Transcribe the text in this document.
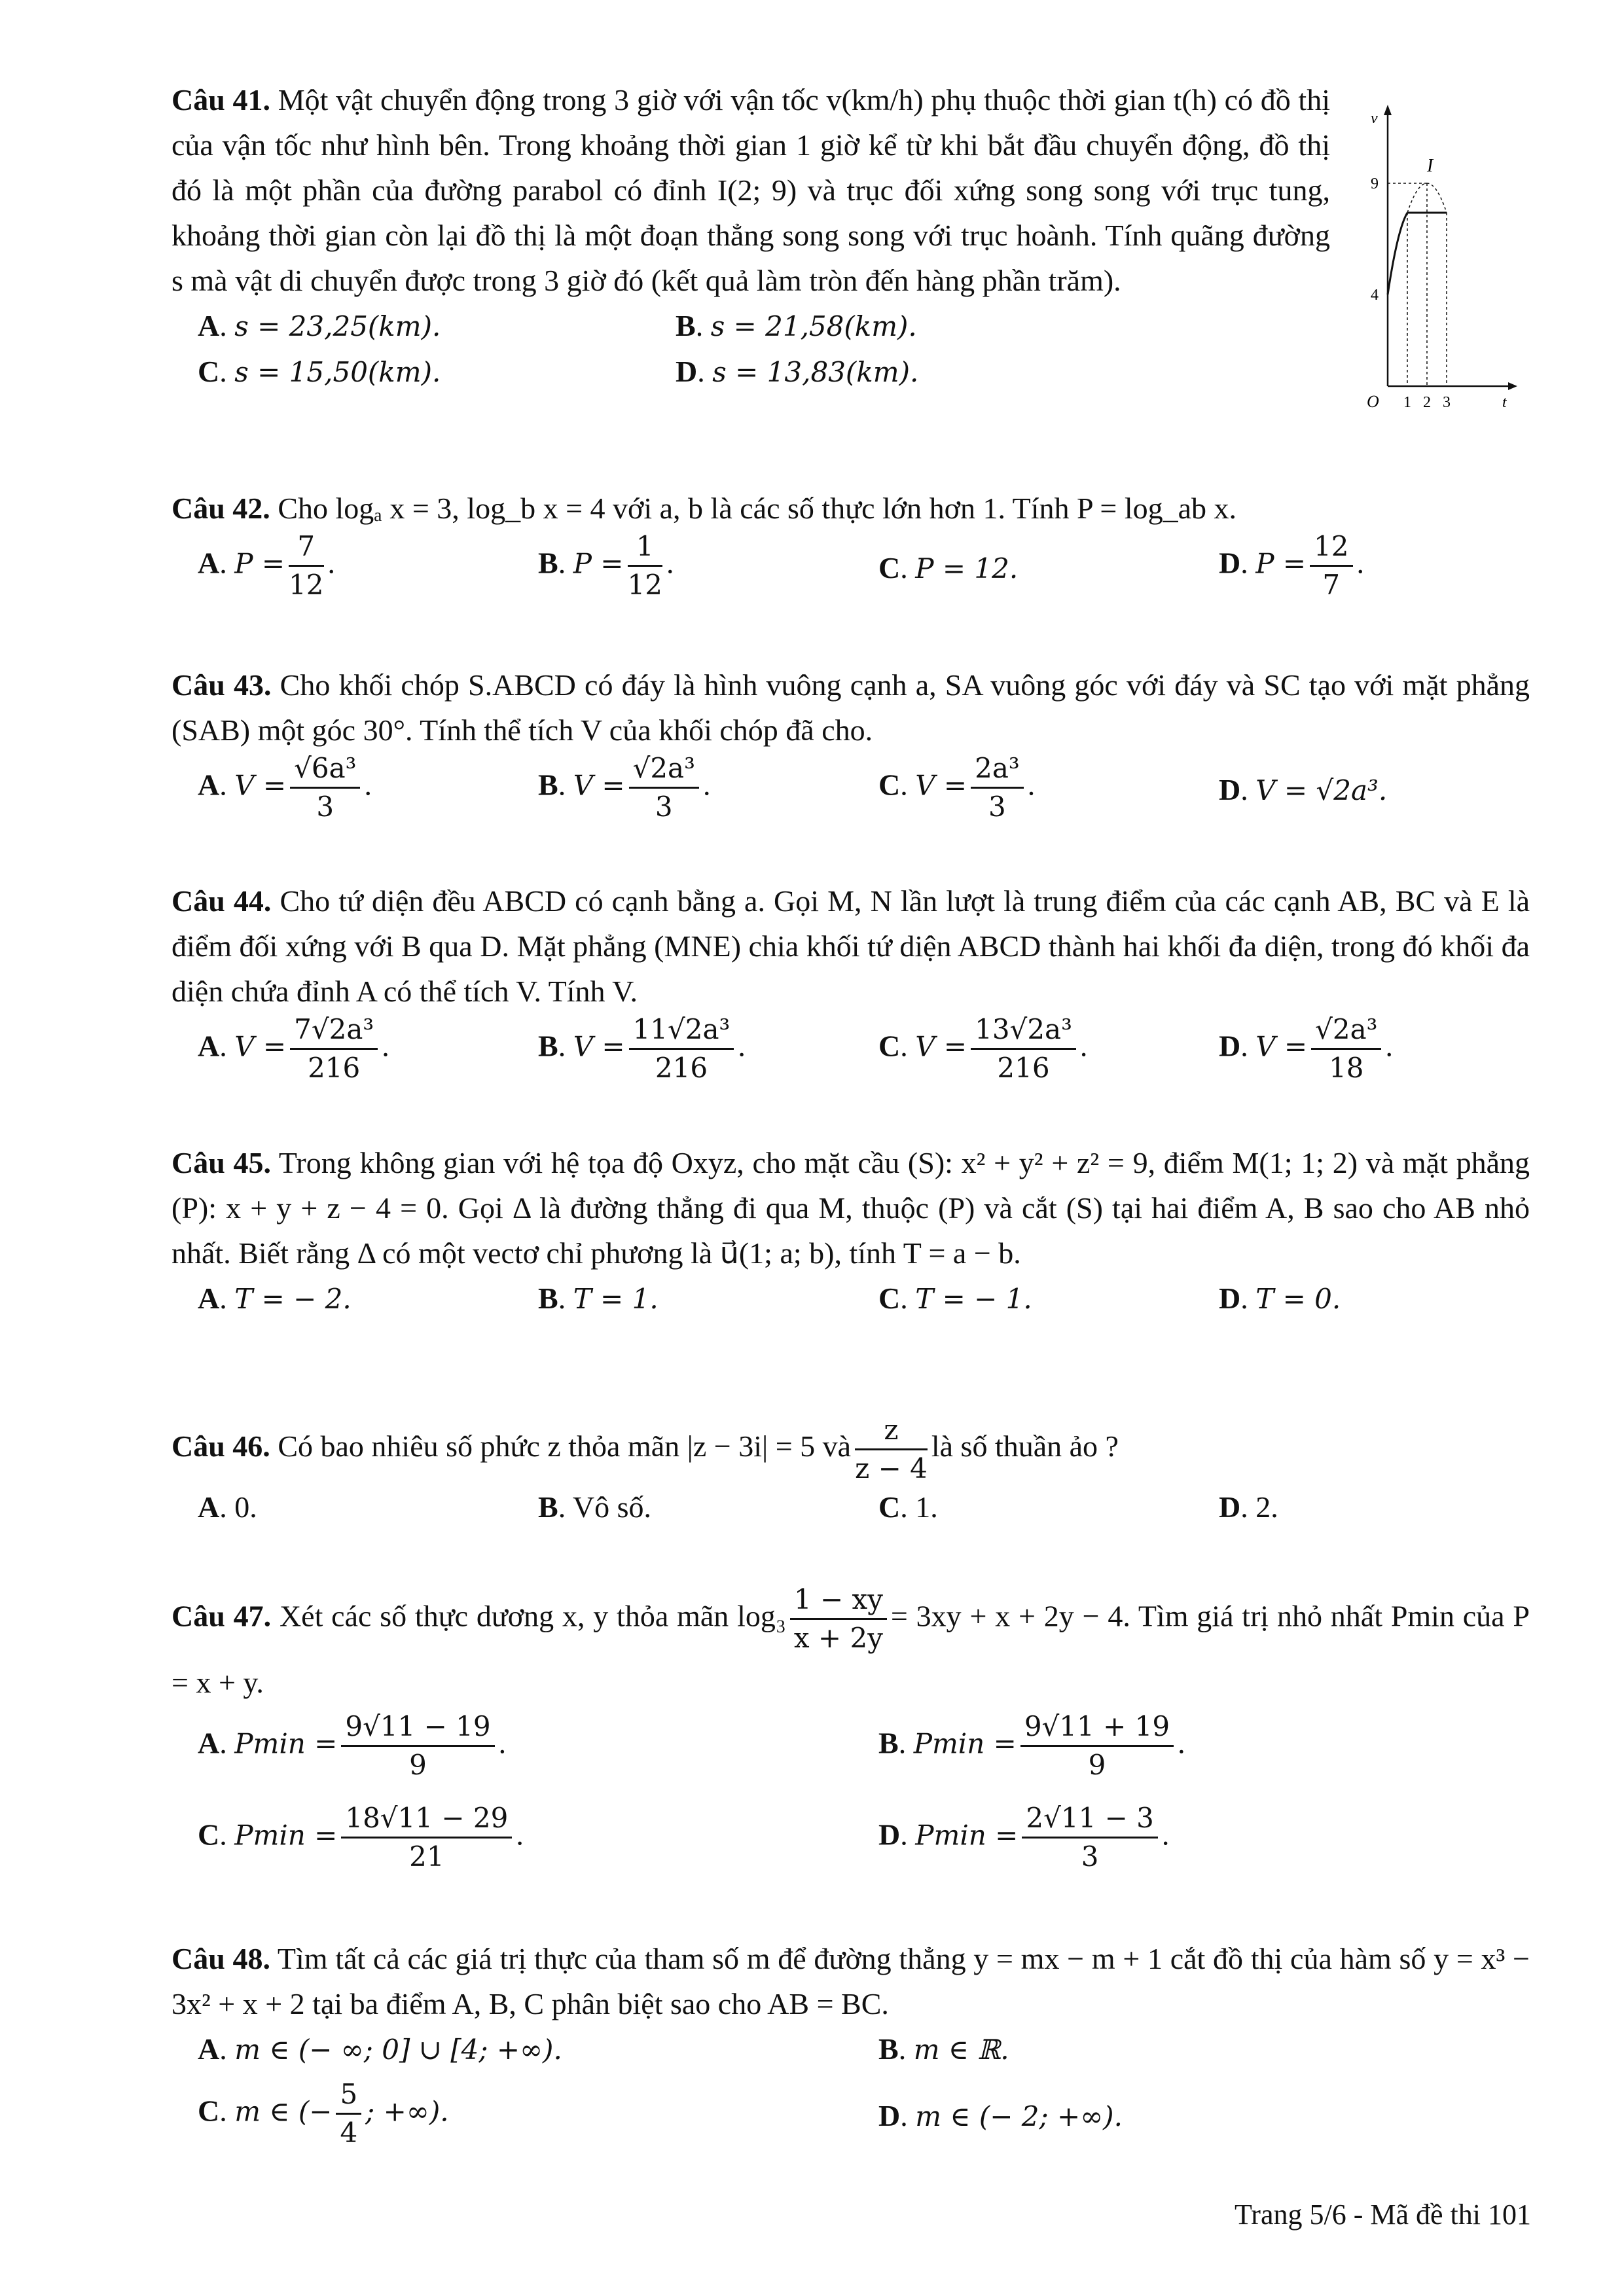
Câu 41. Một vật chuyển động trong 3 giờ với vận tốc v(km/h) phụ thuộc thời gian t(h) có đồ thị của vận tốc như hình bên. Trong khoảng thời gian 1 giờ kể từ khi bắt đầu chuyển động, đồ thị đó là một phần của đường parabol có đỉnh I(2; 9) và trục đối xứng song song với trục tung, khoảng thời gian còn lại đồ thị là một đoạn thẳng song song với trục hoành. Tính quãng đường s mà vật di chuyển được trong 3 giờ đó (kết quả làm tròn đến hàng phần trăm).

A. s = 23,25(km).	B. s = 21,58(km).
C. s = 15,50(km).	D. s = 13,83(km).
v
t
O
9
4
1 2 3
I

Câu 42. Cho logₐ x = 3, log_b x = 4 với a, b là các số thực lớn hơn 1. Tính P = log_ab x.

A. $P = \frac{7}{12}$ .	B. $P = \frac{1}{12}$ .	C. P = 12.	D. $P = \frac{12}{7}$ .

Câu 43. Cho khối chóp S.ABCD có đáy là hình vuông cạnh a, SA vuông góc với đáy và SC tạo với mặt phẳng (SAB) một góc 30°. Tính thể tích V của khối chóp đã cho.

A. $V = \frac{\text{√6a³}}{3}$ .	B. $V = \frac{\text{√2a³}}{3}$ .	C. $V = \frac{\text{2a³}}{3}$ .	D. V = √2a³.

Câu 44. Cho tứ diện đều ABCD có cạnh bằng a. Gọi M, N lần lượt là trung điểm của các cạnh AB, BC và E là điểm đối xứng với B qua D. Mặt phẳng (MNE) chia khối tứ diện ABCD thành hai khối đa diện, trong đó khối đa diện chứa đỉnh A có thể tích V. Tính V.

A. $V = \frac{\text{7√2a³}}{216}$ .	B. $V = \frac{\text{11√2a³}}{216}$ .	C. $V = \frac{\text{13√2a³}}{216}$ .	D. $V = \frac{\text{√2a³}}{18}$ .

Câu 45. Trong không gian với hệ tọa độ Oxyz, cho mặt cầu (S): x² + y² + z² = 9, điểm M(1; 1; 2) và mặt phẳng (P): x + y + z − 4 = 0. Gọi Δ là đường thẳng đi qua M, thuộc (P) và cắt (S) tại hai điểm A, B sao cho AB nhỏ nhất. Biết rằng Δ có một vectơ chỉ phương là u⃗(1; a; b), tính T = a − b.

A. T = − 2.	B. T = 1.	C. T = − 1.	D. T = 0.

Câu 46. Có bao nhiêu số phức z thỏa mãn |z − 3i| = 5 và $\frac{z}{z - 4}$ là số thuần ảo ?

A. 0.	B. Vô số.	C. 1.	D. 2.

Câu 47. Xét các số thực dương x, y thỏa mãn $\log_3 \frac{1 - xy}{x + 2y} = 3xy + x + 2y - 4$. Tìm giá trị nhỏ nhất Pmin của P = x + y.

A. $Pmin = \frac{9√11 - 19}{9}$ .	B. $Pmin = \frac{9√11 + 19}{9}$ .
C. $Pmin = \frac{18√11 - 29}{21}$ .	D. $Pmin = \frac{2√11 - 3}{3}$ .

Câu 48. Tìm tất cả các giá trị thực của tham số m để đường thẳng y = mx − m + 1 cắt đồ thị của hàm số y = x³ − 3x² + x + 2 tại ba điểm A, B, C phân biệt sao cho AB = BC.

A. m ∈ (− ∞; 0] ∪ [4; +∞).	B. m ∈ ℝ.
C. m ∈ (− $\frac{5}{4}$ ; +∞).	D. m ∈ (− 2; +∞).
Trang 5/6 - Mã đề thi 101
